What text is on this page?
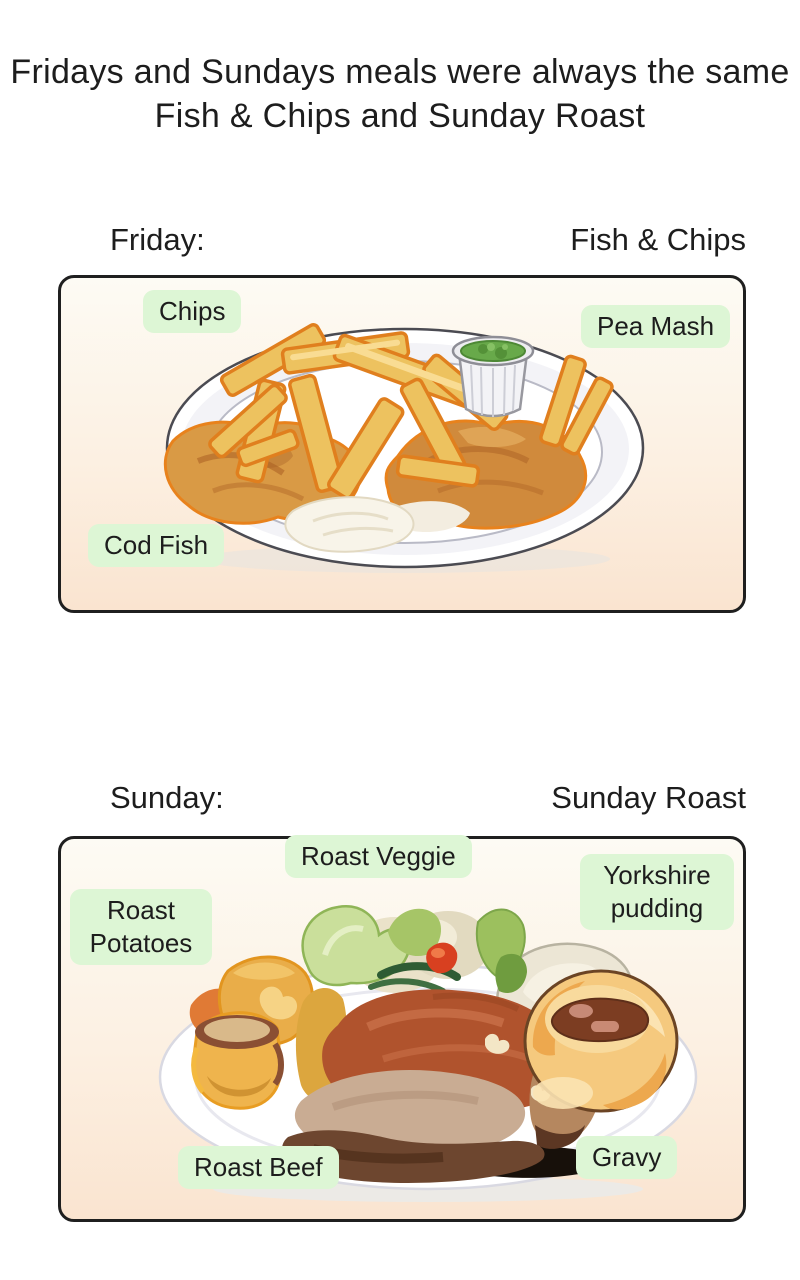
Fridays and Sundays meals were always the same
Fish & Chips and Sunday Roast
Friday:	Fish & Chips
Chips	Pea Mash
Cod Fish
Sunday:	Sunday Roast
Roast Veggie
Yorkshire pudding
Roast Potatoes
Roast Beef	Gravy
